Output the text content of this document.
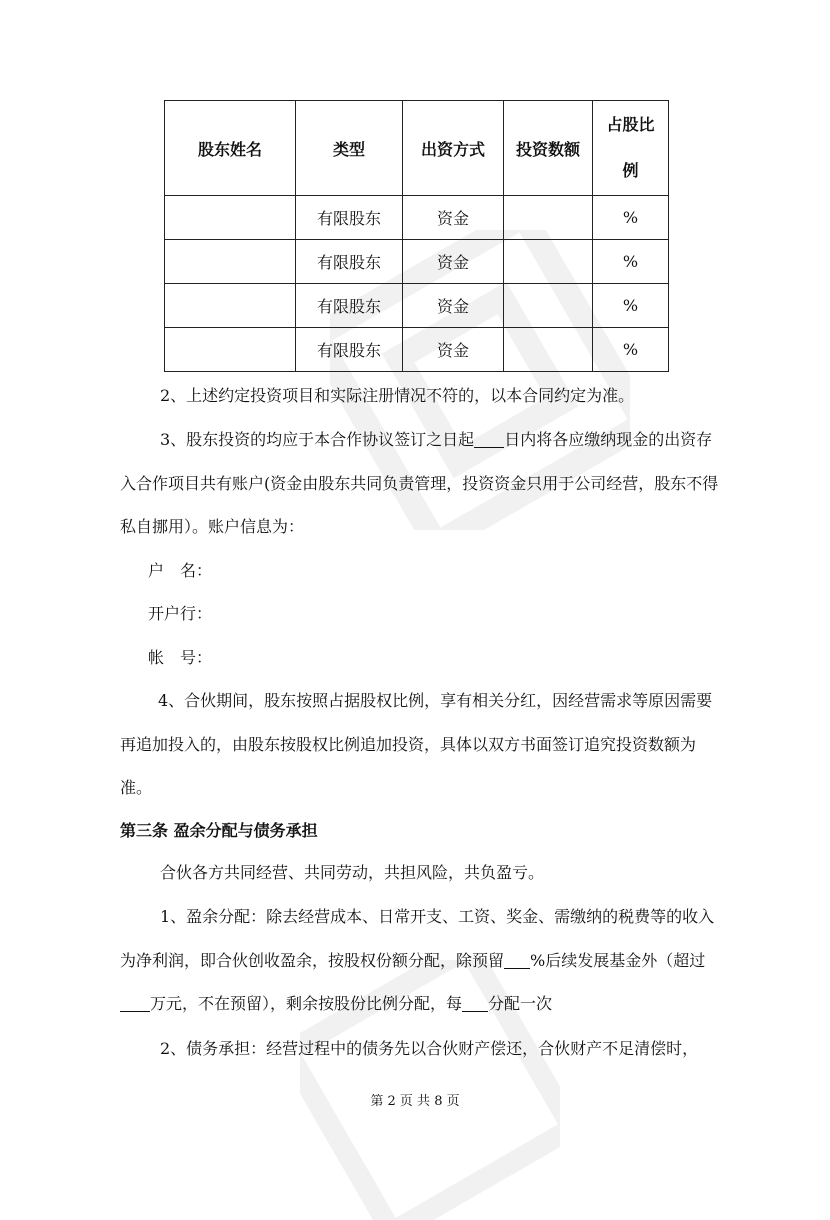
股东姓名	类型	出资方式	投资数额	占股比
例
	有限股东	资金		%
	有限股东	资金		%
	有限股东	资金		%
	有限股东	资金		%

2、上述约定投资项目和实际注册情况不符的，以本合同约定为准。

3、股东投资的均应于本合作协议签订之日起 日内将各应缴纳现金的出资存入合作项目共有账户(资金由股东共同负责管理，投资资金只用于公司经营，股东不得私自挪用）。账户信息为：

户　名：

开户行：

帐　号：

4、合伙期间，股东按照占据股权比例，享有相关分红，因经营需求等原因需要再追加投入的，由股东按股权比例追加投资，具体以双方书面签订追究投资数额为准。

第三条 盈余分配与债务承担

合伙各方共同经营、共同劳动，共担风险，共负盈亏。

1、盈余分配：除去经营成本、日常开支、工资、奖金、需缴纳的税费等的收入为净利润，即合伙创收盈余，按股权份额分配，除预留 %后续发展基金外（超过万元，不在预留），剩余按股份比例分配，每 分配一次

2、债务承担：经营过程中的债务先以合伙财产偿还，合伙财产不足清偿时，

第 2 页 共 8 页
